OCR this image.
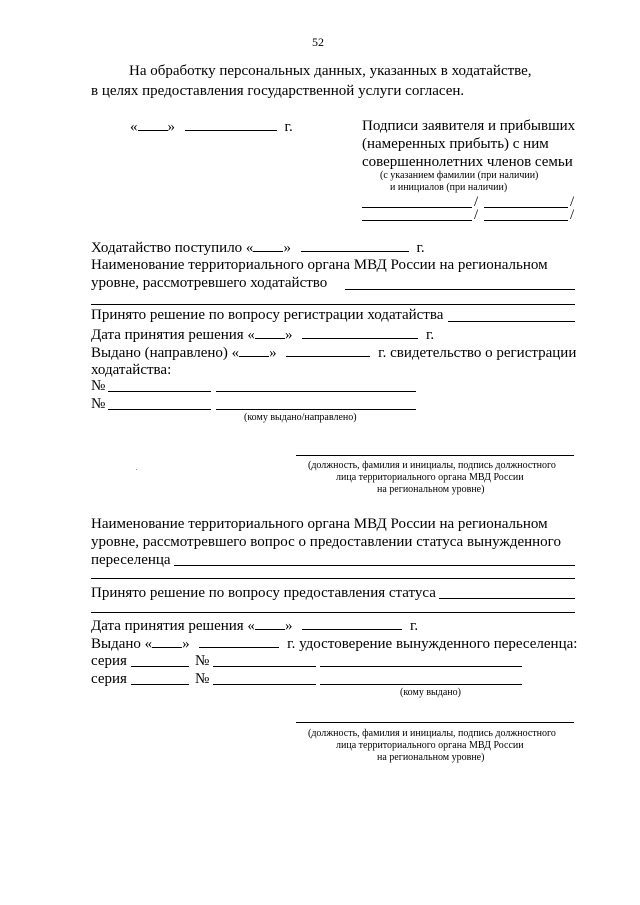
52
На обработку персональных данных, указанных в ходатайстве,
в целях предоставления государственной услуги согласен.
« »	г.	Подписи заявителя и прибывших
(намеренных прибыть) с ним
совершеннолетних членов семьи
(с указанием фамилии (при наличии)
и инициалов (при наличии)
/	/
/	/
Ходатайство поступило « »	г.
Наименование территориального органа МВД России на региональном
уровне, рассмотревшего ходатайство
Принято решение по вопросу регистрации ходатайства
Дата принятия решения « »	г.
Выдано (направлено) « »	г. свидетельство о регистрации
ходатайства:
№
№
(кому выдано/направлено)
(должность, фамилия и инициалы, подпись должностного
лица территориального органа МВД России
на региональном уровне)
Наименование территориального органа МВД России на региональном
уровне, рассмотревшего вопрос о предоставлении статуса вынужденного
переселенца
Принято решение по вопросу предоставления статуса
Дата принятия решения « »	г.
Выдано « »	г. удостоверение вынужденного переселенца:
серия	№
серия	№
(кому выдано)
(должность, фамилия и инициалы, подпись должностного
лица территориального органа МВД России
на региональном уровне)
